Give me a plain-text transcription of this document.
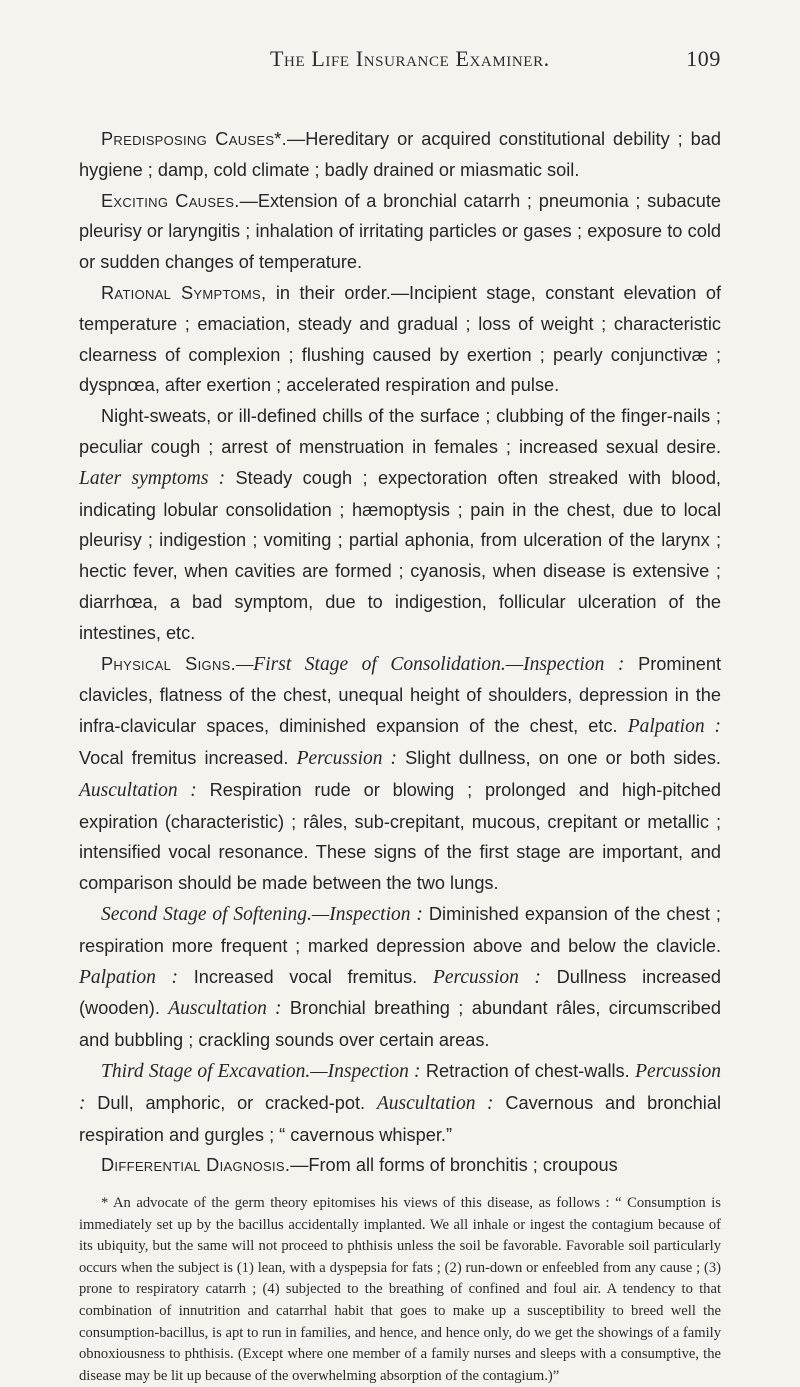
The Life Insurance Examiner.	109

Predisposing Causes*.—Hereditary or acquired constitutional debility ; bad hygiene ; damp, cold climate ; badly drained or miasmatic soil.

Exciting Causes.—Extension of a bronchial catarrh ; pneumonia ; subacute pleurisy or laryngitis ; inhalation of irritating particles or gases ; exposure to cold or sudden changes of temperature.

Rational Symptoms, in their order.—Incipient stage, constant elevation of temperature ; emaciation, steady and gradual ; loss of weight ; characteristic clearness of complexion ; flushing caused by exertion ; pearly conjunctivæ ; dyspnœa, after exertion ; accelerated respiration and pulse.

Night-sweats, or ill-defined chills of the surface ; clubbing of the finger-nails ; peculiar cough ; arrest of menstruation in females ; increased sexual desire. Later symptoms : Steady cough ; expectoration often streaked with blood, indicating lobular consolidation ; hæmoptysis ; pain in the chest, due to local pleurisy ; indigestion ; vomiting ; partial aphonia, from ulceration of the larynx ; hectic fever, when cavities are formed ; cyanosis, when disease is extensive ; diarrhœa, a bad symptom, due to indigestion, follicular ulceration of the intestines, etc.

Physical Signs.—First Stage of Consolidation.—Inspection : Prominent clavicles, flatness of the chest, unequal height of shoulders, depression in the infra-clavicular spaces, diminished expansion of the chest, etc. Palpation : Vocal fremitus increased. Percussion : Slight dullness, on one or both sides. Auscultation : Respiration rude or blowing ; prolonged and high-pitched expiration (characteristic) ; râles, sub-crepitant, mucous, crepitant or metallic ; intensified vocal resonance. These signs of the first stage are important, and comparison should be made between the two lungs.

Second Stage of Softening.—Inspection : Diminished expansion of the chest ; respiration more frequent ; marked depression above and below the clavicle. Palpation : Increased vocal fremitus. Percussion : Dullness increased (wooden). Auscultation : Bronchial breathing ; abundant râles, circumscribed and bubbling ; crackling sounds over certain areas.

Third Stage of Excavation.—Inspection : Retraction of chest-walls. Percussion : Dull, amphoric, or cracked-pot. Auscultation : Cavernous and bronchial respiration and gurgles ; “ cavernous whisper.”

Differential Diagnosis.—From all forms of bronchitis ; croupous

* An advocate of the germ theory epitomises his views of this disease, as follows : “ Consumption is immediately set up by the bacillus accidentally implanted. We all inhale or ingest the contagium because of its ubiquity, but the same will not proceed to phthisis unless the soil be favorable. Favorable soil particularly occurs when the subject is (1) lean, with a dyspepsia for fats ; (2) run-down or enfeebled from any cause ; (3) prone to respiratory catarrh ; (4) subjected to the breathing of confined and foul air. A tendency to that combination of innutrition and catarrhal habit that goes to make up a susceptibility to breed well the consumption-bacillus, is apt to run in families, and hence, and hence only, do we get the showings of a family obnoxiousness to phthisis. (Except where one member of a family nurses and sleeps with a consumptive, the disease may be lit up because of the overwhelming absorption of the contagium.)”
